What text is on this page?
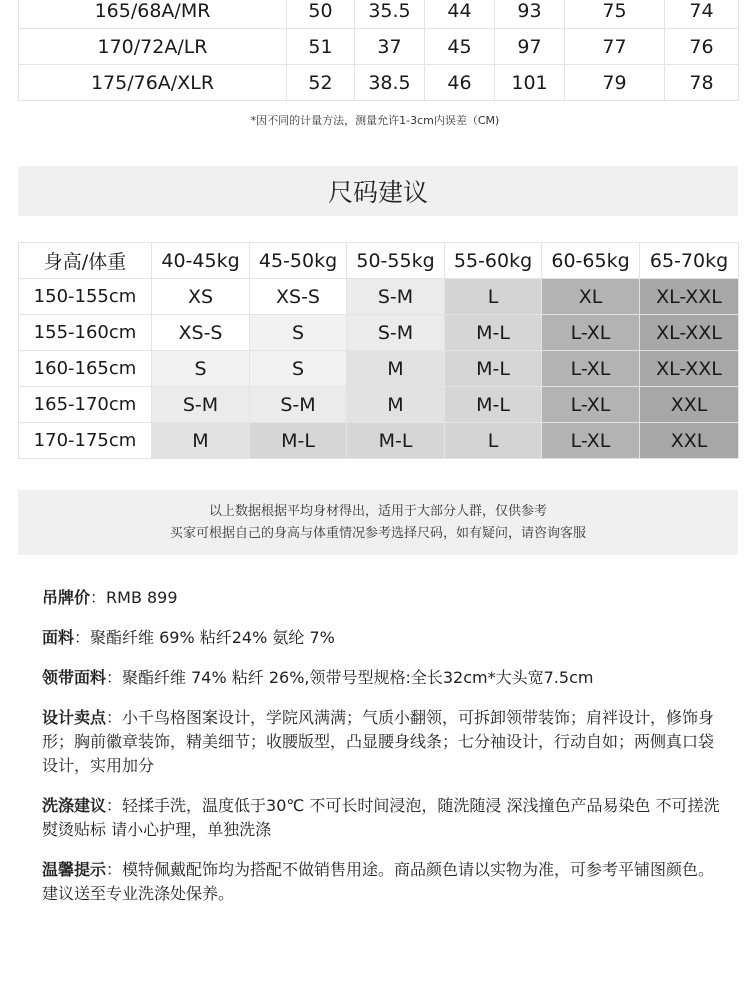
165/68A/MR	50	35.5	44	93	75	74
170/72A/LR	51	37	45	97	77	76
175/76A/XLR	52	38.5	46	101	79	78
*因不同的计量方法，测量允许1-3cm内误差（CM)
尺码建议
身高/体重	40-45kg	45-50kg	50-55kg	55-60kg	60-65kg	65-70kg
150-155cm	XS	XS-S	S-M	L	XL	XL-XXL
155-160cm	XS-S	S	S-M	M-L	L-XL	XL-XXL
160-165cm	S	S	M	M-L	L-XL	XL-XXL
165-170cm	S-M	S-M	M	M-L	L-XL	XXL
170-175cm	M	M-L	M-L	L	L-XL	XXL
以上数据根据平均身材得出，适用于大部分人群，仅供参考
买家可根据自己的身高与体重情况参考选择尺码，如有疑问，请咨询客服

吊牌价：RMB 899

面料：聚酯纤维 69% 粘纤24% 氨纶 7%

领带面料：聚酯纤维 74% 粘纤 26%,领带号型规格:全长32cm*大头宽7.5cm

设计卖点：小千鸟格图案设计，学院风满满；气质小翻领，可拆卸领带装饰；肩袢设计，修饰身形；胸前徽章装饰，精美细节；收腰版型，凸显腰身线条；七分袖设计，行动自如；两侧真口袋设计，实用加分

洗涤建议：轻揉手洗，温度低于30℃ 不可长时间浸泡，随洗随浸 深浅撞色产品易染色 不可搓洗熨烫贴标 请小心护理，单独洗涤

温馨提示：模特佩戴配饰均为搭配不做销售用途。商品颜色请以实物为准，可参考平铺图颜色。建议送至专业洗涤处保养。
